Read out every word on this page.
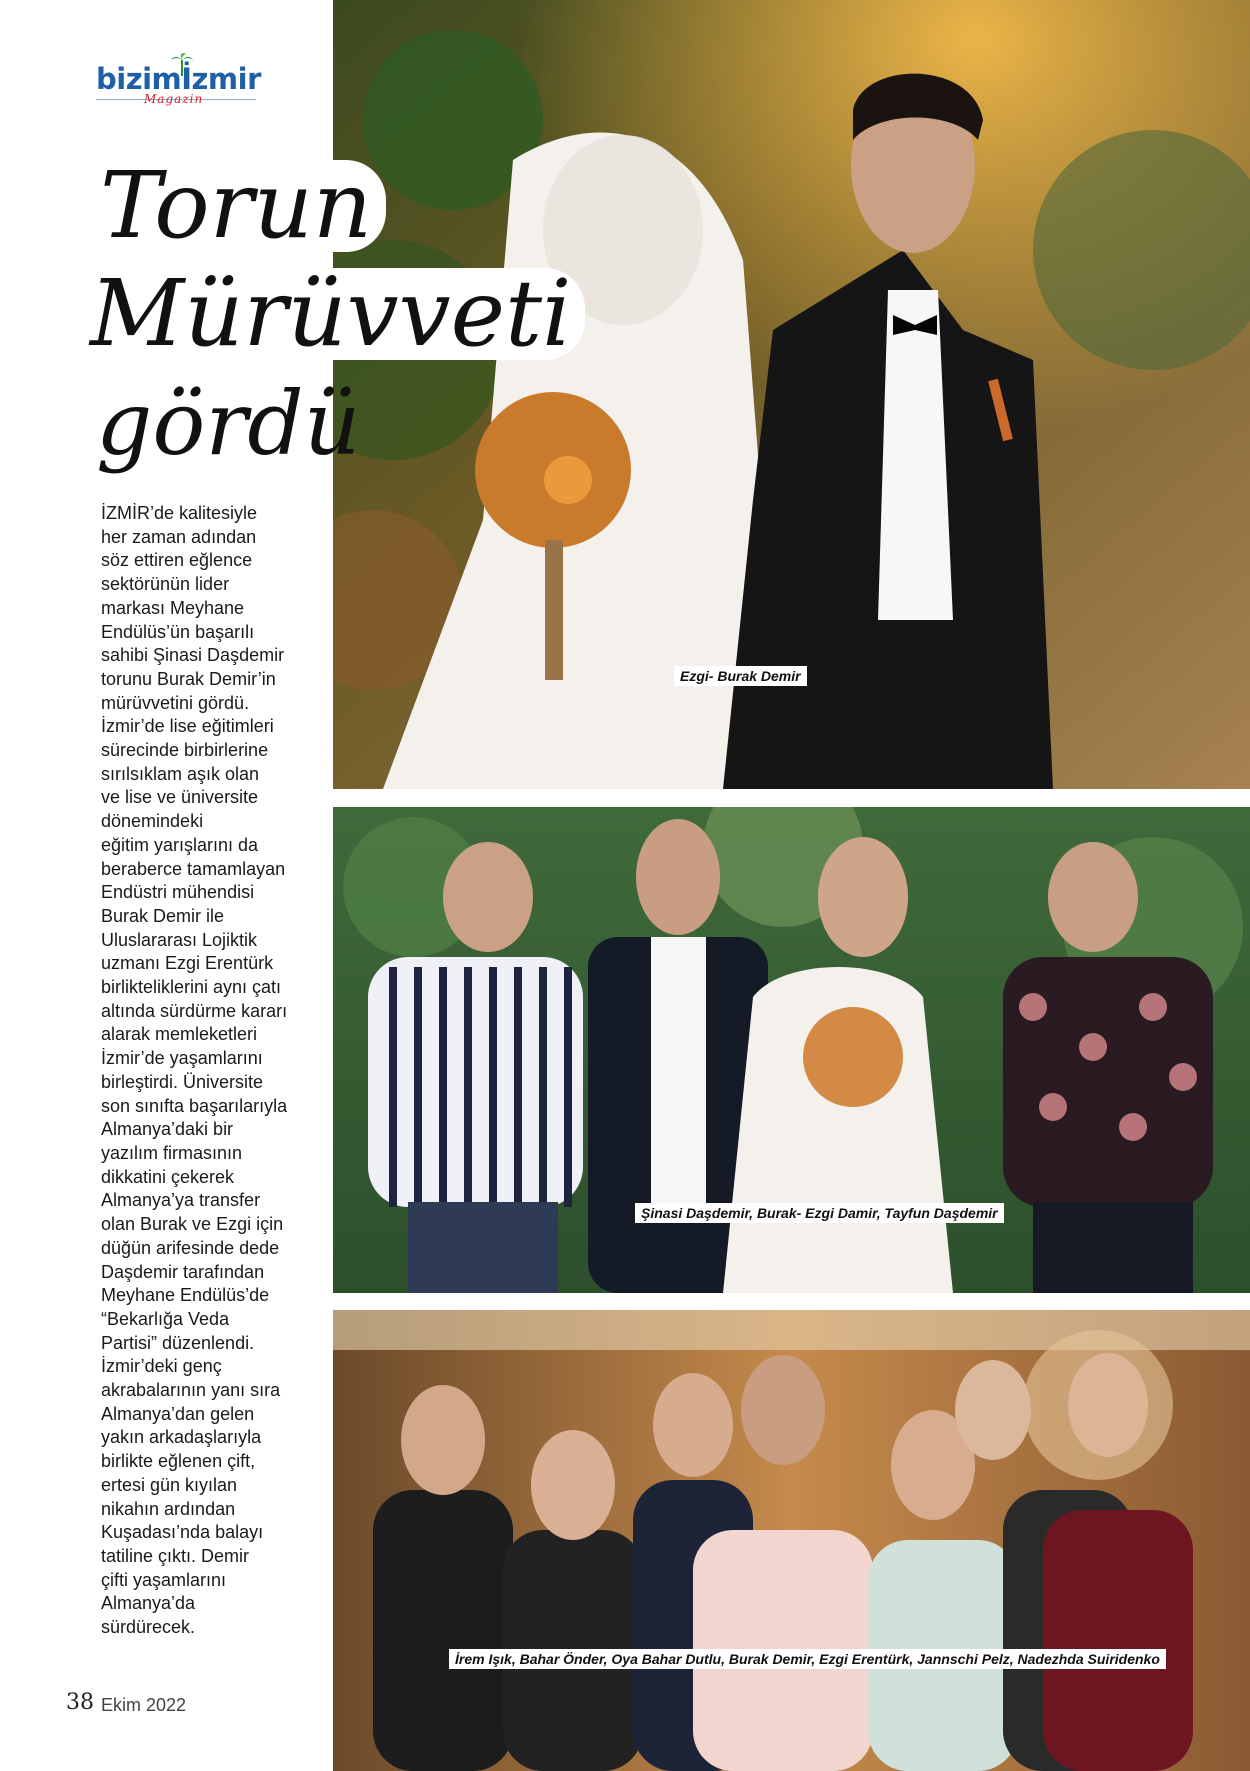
bizimİzmir
Magazin
Ezgi- Burak Demir
Torun
Mürüvveti
gördü
İZMİR’de kalitesiyle
her zaman adından
söz ettiren eğlence
sektörünün lider
markası Meyhane
Endülüs’ün başarılı
sahibi Şinasi Daşdemir
torunu Burak Demir’in
mürüvvetini gördü.
İzmir’de lise eğitimleri
sürecinde birbirlerine
sırılsıklam aşık olan
ve lise ve üniversite
dönemindeki
eğitim yarışlarını da
beraberce tamamlayan
Endüstri mühendisi
Burak Demir ile
Uluslararası Lojiktik
uzmanı Ezgi Erentürk
birlikteliklerini aynı çatı
altında sürdürme kararı
alarak memleketleri
İzmir’de yaşamlarını
birleştirdi. Üniversite
son sınıfta başarılarıyla
Almanya’daki bir
yazılım firmasının
dikkatini çekerek
Almanya’ya transfer
olan Burak ve Ezgi için
düğün arifesinde dede
Daşdemir tarafından
Meyhane Endülüs’de
“Bekarlığa Veda
Partisi” düzenlendi.
İzmir’deki genç
akrabalarının yanı sıra
Almanya’dan gelen
yakın arkadaşlarıyla
birlikte eğlenen çift,
ertesi gün kıyılan
nikahın ardından
Kuşadası’nda balayı
tatiline çıktı. Demir
çifti yaşamlarını
Almanya’da
sürdürecek.
Şinasi Daşdemir, Burak- Ezgi Damir, Tayfun Daşdemir
İrem Işık, Bahar Önder, Oya Bahar Dutlu, Burak Demir, Ezgi Erentürk, Jannschi Pelz, Nadezhda Suiridenko
38 Ekim 2022
